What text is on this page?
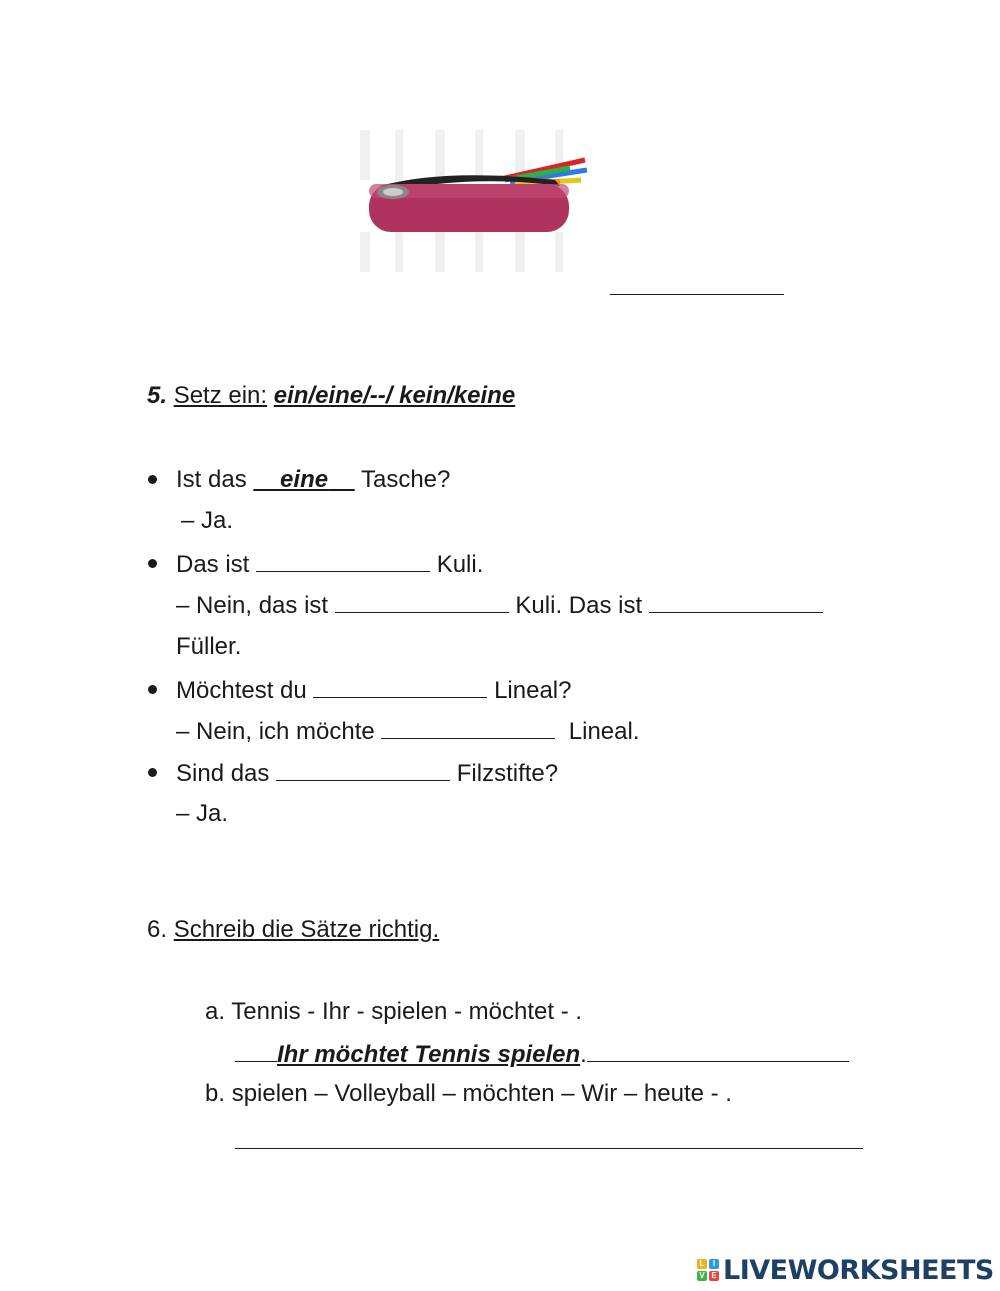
5. Setz ein: ein/eine/--/ kein/keine
Ist das eine Tasche?
– Ja.
Das ist	Kuli.
– Nein, das ist	Kuli. Das ist
Füller.
Möchtest du	Lineal?
– Nein, ich möchte	Lineal.
Sind das	Filzstifte?
– Ja.
6. Schreib die Sätze richtig.
a. Tennis - Ihr - spielen - möchtet - .
Ihr möchtet Tennis spielen.
b. spielen – Volleyball – möchten – Wir – heute - .
L	I
V E LIVEWORKSHEETS
